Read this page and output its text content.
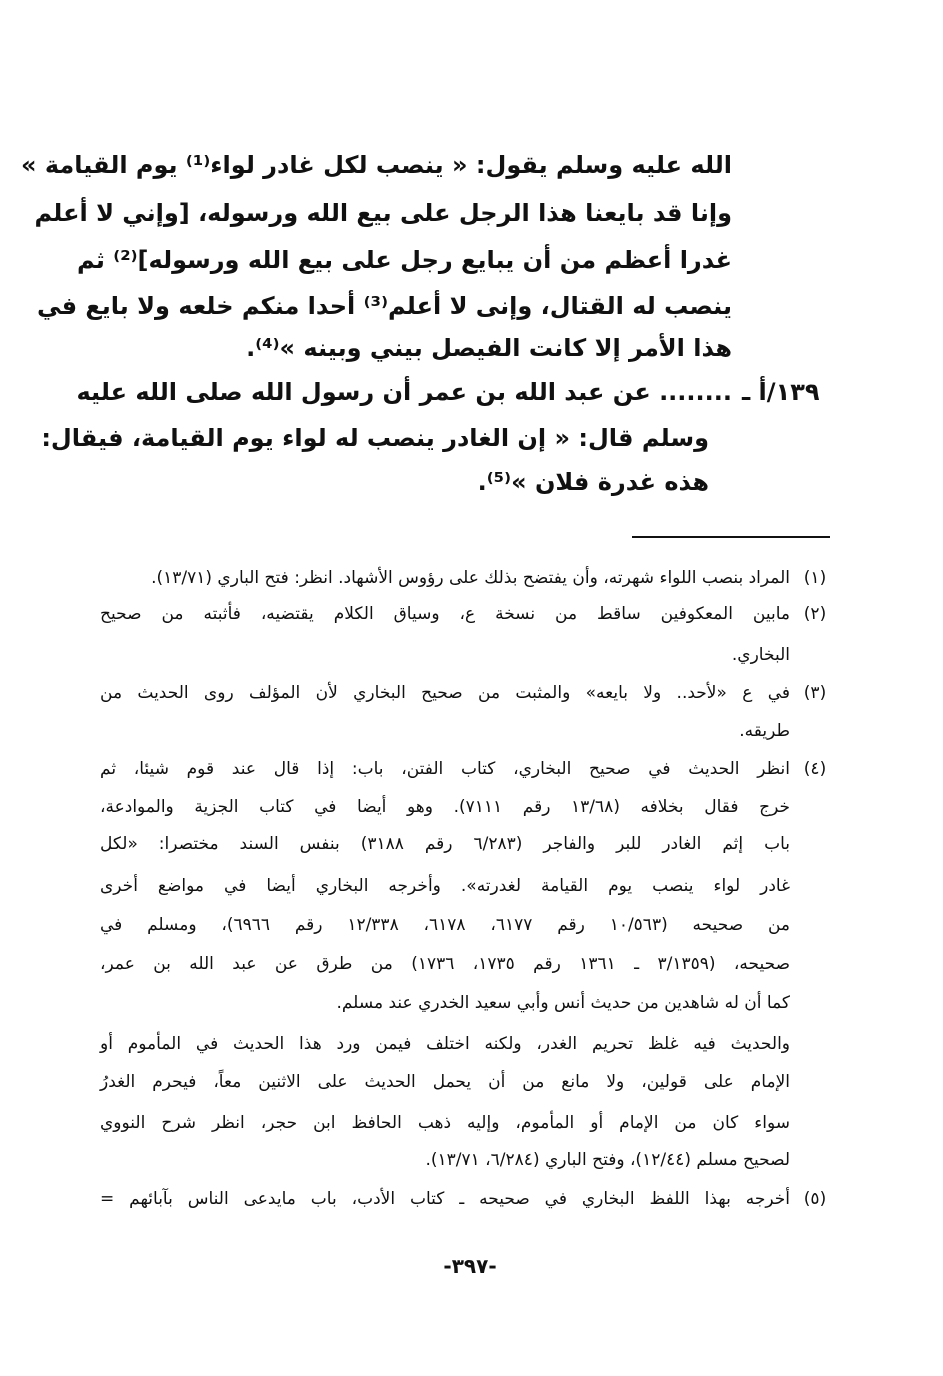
الله عليه وسلم يقول: « ينصب لكل غادر لواء⁽¹⁾ يوم القيامة »
وإنا قد بايعنا هذا الرجل على بيع الله ورسوله، [وإني لا أعلم
غدرا أعظم من أن يبايع رجل على بيع الله ورسوله]⁽²⁾ ثم
ينصب له القتال، وإنى لا أعلم⁽³⁾ أحدا منكم خلعه ولا بايع في
هذا الأمر إلا كانت الفيصل بيني وبينه »⁽⁴⁾.
١٣٩/أ ـ
........ عن عبد الله بن عمر أن رسول الله صلى الله عليه
وسلم قال: « إن الغادر ينصب له لواء يوم القيامة، فيقال:
هذه غدرة فلان »⁽⁵⁾.
(١)
المراد بنصب اللواء شهرته، وأن يفتضح بذلك على رؤوس الأشهاد. انظر: فتح الباري (١٣/٧١).
(٢)
مابين المعكوفين ساقط من نسخة ع، وسياق الكلام يقتضيه، فأثبته من صحيح
البخاري.
(٣)
في ع «لأحد.. ولا بايعه» والمثبت من صحيح البخاري لأن المؤلف روى الحديث من
طريقه.
(٤)
انظر الحديث في صحيح البخاري، كتاب الفتن، باب: إذا قال عند قوم شيئا، ثم
خرج فقال بخلافه (١٣/٦٨ رقم ٧١١١). وهو أيضا في كتاب الجزية والموادعة،
باب إثم الغادر للبر والفاجر (٦/٢٨٣ رقم ٣١٨٨) بنفس السند مختصرا: «لكل
غادر لواء ينصب يوم القيامة لغدرته». وأخرجه البخاري أيضا في مواضع أخرى
من صحيحه (١٠/٥٦٣ رقم ٦١٧٧، ٦١٧٨، ١٢/٣٣٨ رقم ٦٩٦٦)، ومسلم في
صحيحه، (٣/١٣٥٩ ـ ١٣٦١ رقم ١٧٣٥، ١٧٣٦) من طرق عن عبد الله بن عمر،
كما أن له شاهدين من حديث أنس وأبي سعيد الخدري عند مسلم.
والحديث فيه غلظ تحريم الغدر، ولكنه اختلف فيمن ورد هذا الحديث في المأموم أو
الإمام على قولين، ولا مانع من أن يحمل الحديث على الاثنين معاً، فيحرم الغدرُ
سواء كان من الإمام أو المأموم، وإليه ذهب الحافظ ابن حجر، انظر شرح النووي
لصحيح مسلم (١٢/٤٤)، وفتح الباري (٦/٢٨٤، ١٣/٧١).
(٥)
أخرجه بهذا اللفظ البخاري في صحيحه ـ كتاب الأدب، باب مايدعى الناس بآبائهم =
-٣٩٧-
